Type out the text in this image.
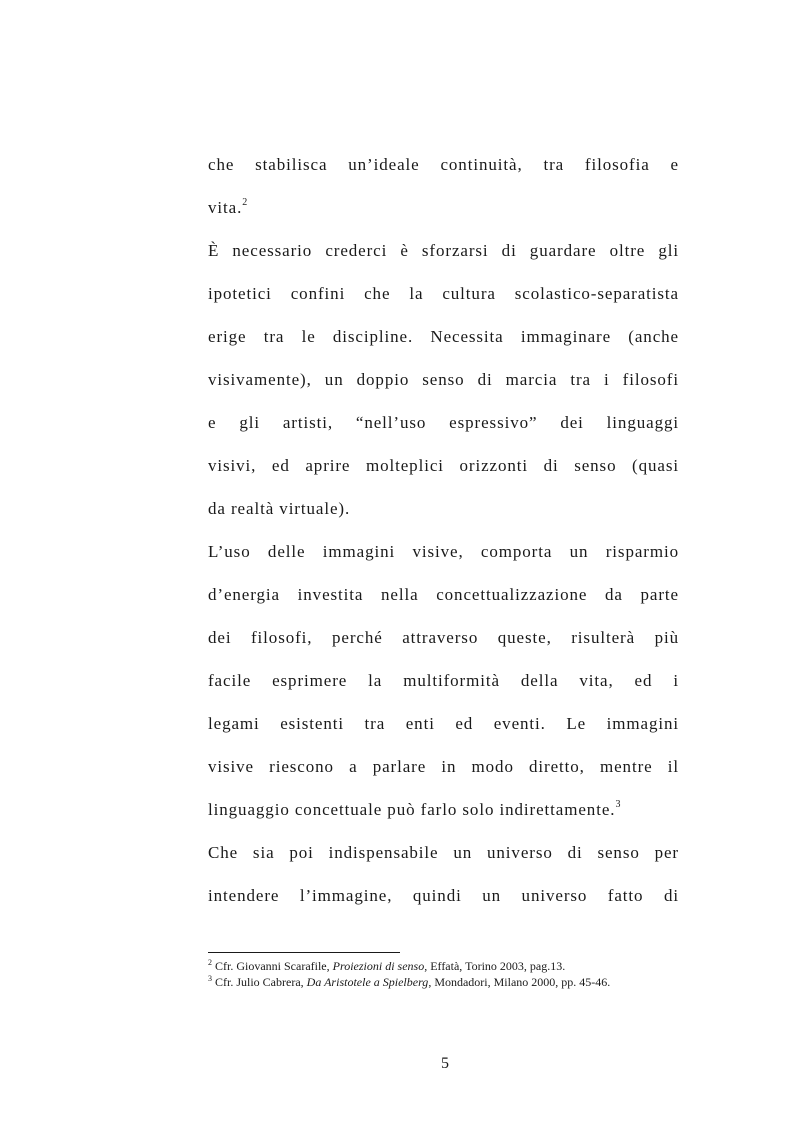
che stabilisca un’ideale continuità, tra filosofia e
vita.$^2$
È necessario crederci è sforzarsi di guardare oltre gli
ipotetici confini che la cultura scolastico-separatista
erige tra le discipline. Necessita immaginare (anche
visivamente), un doppio senso di marcia tra i filosofi
e gli artisti, “nell’uso espressivo” dei linguaggi
visivi, ed aprire molteplici orizzonti di senso (quasi
da realtà virtuale).
L’uso delle immagini visive, comporta un risparmio
d’energia investita nella concettualizzazione da parte
dei filosofi, perché attraverso queste, risulterà più
facile esprimere la multiformità della vita, ed i
legami esistenti tra enti ed eventi. Le immagini
visive riescono a parlare in modo diretto, mentre il
linguaggio concettuale può farlo solo indirettamente.$^3$
Che sia poi indispensabile un universo di senso per
intendere l’immagine, quindi un universo fatto di
$^2$ Cfr. Giovanni Scarafile, Proiezioni di senso, Effatà, Torino 2003, pag.13.
$^3$ Cfr. Julio Cabrera, Da Aristotele a Spielberg, Mondadori, Milano 2000, pp. 45-46.
5
